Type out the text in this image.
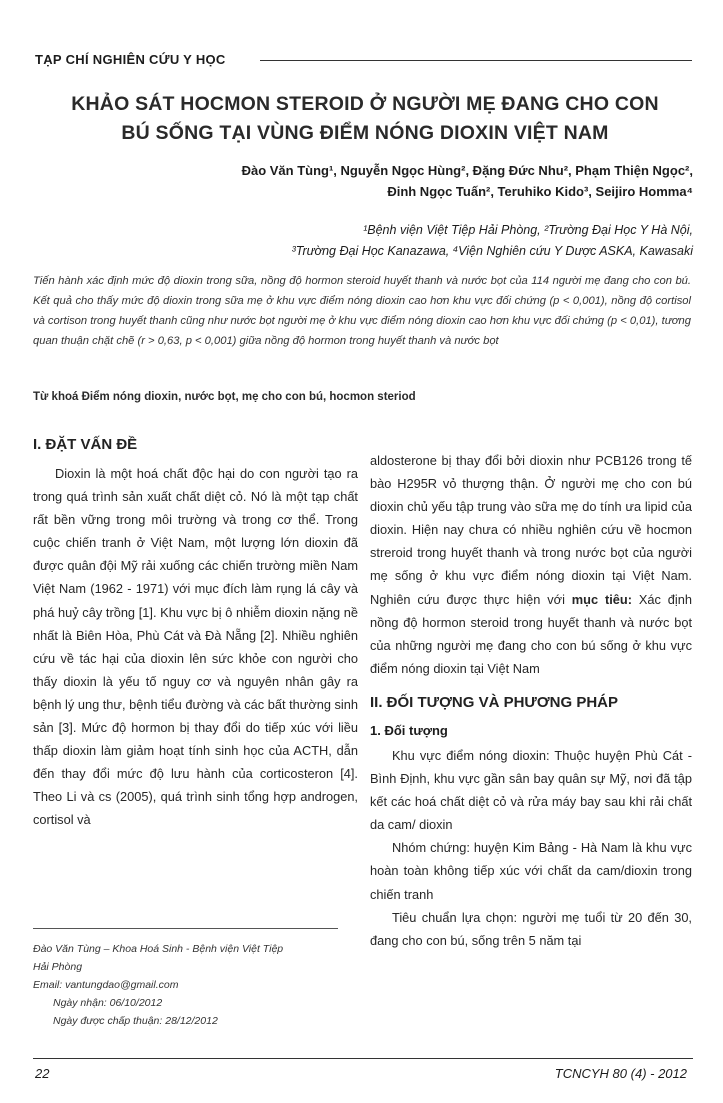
TẠP CHÍ NGHIÊN CỨU Y HỌC
KHẢO SÁT HOCMON STEROID Ở NGƯỜI MẸ ĐANG CHO CON
BÚ SỐNG TẠI VÙNG ĐIỂM NÓNG DIOXIN VIỆT NAM
Đào Văn Tùng¹, Nguyễn Ngọc Hùng², Đặng Đức Nhu², Phạm Thiện Ngọc²,
Đinh Ngọc Tuấn², Teruhiko Kido³, Seijiro Homma⁴
¹Bệnh viện Việt Tiệp Hải Phòng, ²Trường Đại Học Y Hà Nội,
³Trường Đại Học Kanazawa, ⁴Viện Nghiên cứu Y Dược ASKA, Kawasaki
Tiến hành xác định mức độ dioxin trong sữa, nồng độ hormon steroid huyết thanh và nước bọt của 114 người mẹ đang cho con bú. Kết quả cho thấy mức độ dioxin trong sữa mẹ ở khu vực điểm nóng dioxin cao hơn khu vực đối chứng (p < 0,001), nồng độ cortisol và cortison trong huyết thanh cũng như nước bọt người mẹ ở khu vực điểm nóng dioxin cao hơn khu vực đối chứng (p < 0,01), tương quan thuận chặt chẽ (r > 0,63, p < 0,001) giữa nồng độ hormon trong huyết thanh và nước bọt
Từ khoá Điểm nóng dioxin, nước bọt, mẹ cho con bú, hocmon steriod
I. ĐẶT VẤN ĐỀ

Dioxin là một hoá chất độc hại do con người tạo ra trong quá trình sản xuất chất diệt cỏ. Nó là một tạp chất rất bền vững trong môi trường và trong cơ thể. Trong cuộc chiến tranh ở Việt Nam, một lượng lớn dioxin đã được quân đội Mỹ rải xuống các chiến trường miền Nam Việt Nam (1962 - 1971) với mục đích làm rụng lá cây và phá huỷ cây trồng [1]. Khu vực bị ô nhiễm dioxin nặng nề nhất là Biên Hòa, Phù Cát và Đà Nẵng [2]. Nhiều nghiên cứu về tác hại của dioxin lên sức khỏe con người cho thấy dioxin là yếu tố nguy cơ và nguyên nhân gây ra bệnh lý ung thư, bệnh tiểu đường và các bất thường sinh sản [3]. Mức độ hormon bị thay đổi do tiếp xúc với liều thấp dioxin làm giảm hoạt tính sinh học của ACTH, dẫn đến thay đổi mức độ lưu hành của corticosteron [4]. Theo Li và cs (2005), quá trình sinh tổng hợp androgen, cortisol và

aldosterone bị thay đổi bởi dioxin như PCB126 trong tế bào H295R vỏ thượng thận. Ở người mẹ cho con bú dioxin chủ yếu tập trung vào sữa mẹ do tính ưa lipid của dioxin. Hiện nay chưa có nhiều nghiên cứu về hocmon streroid trong huyết thanh và trong nước bọt của người mẹ sống ở khu vực điểm nóng dioxin tại Việt Nam. Nghiên cứu được thực hiện với mục tiêu: Xác định nồng độ hormon steroid trong huyết thanh và nước bọt của những người mẹ đang cho con bú sống ở khu vực điểm nóng dioxin tại Việt Nam

II. ĐỐI TƯỢNG VÀ PHƯƠNG PHÁP
1. Đối tượng

Khu vực điểm nóng dioxin: Thuộc huyện Phù Cát - Bình Định, khu vực gần sân bay quân sự Mỹ, nơi đã tập kết các hoá chất diệt cỏ và rửa máy bay sau khi rải chất da cam/ dioxin

Nhóm chứng: huyện Kim Bảng - Hà Nam là khu vực hoàn toàn không tiếp xúc với chất da cam/dioxin trong chiến tranh

Tiêu chuẩn lựa chọn: người mẹ tuổi từ 20 đến 30, đang cho con bú, sống trên 5 năm tại

Đào Văn Tùng – Khoa Hoá Sinh - Bệnh viện Việt Tiệp
Hải Phòng
Email: vantungdao@gmail.com
Ngày nhận: 06/10/2012
Ngày được chấp thuận: 28/12/2012
22	TCNCYH 80 (4) - 2012
